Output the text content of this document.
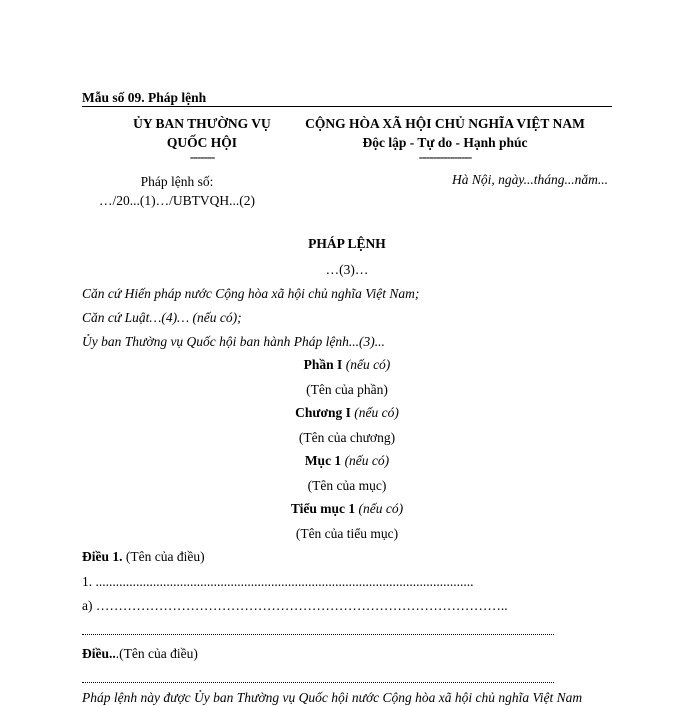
Mẫu số 09. Pháp lệnh
ỦY BAN THƯỜNG VỤ
QUỐC HỘI
-------
CỘNG HÒA XÃ HỘI CHỦ NGHĨA VIỆT NAM
Độc lập - Tự do - Hạnh phúc
---------------
Pháp lệnh số:
…/20...(1)…/UBTVQH...(2)
Hà Nội, ngày...tháng...năm...
PHÁP LỆNH
…(3)…
Căn cứ Hiến pháp nước Cộng hòa xã hội chủ nghĩa Việt Nam;
Căn cứ Luật…(4)… (nếu có);
Ủy ban Thường vụ Quốc hội ban hành Pháp lệnh...(3)...
Phần I (nếu có)
(Tên của phần)
Chương I (nếu có)
(Tên của chương)
Mục 1 (nếu có)
(Tên của mục)
Tiểu mục 1 (nếu có)
(Tên của tiểu mục)
Điều 1. (Tên của điều)
1. ................................................................................................................
a) ………………………………………………………………………………..
Điều...(Tên của điều)
Pháp lệnh này được Ủy ban Thường vụ Quốc hội nước Cộng hòa xã hội chủ nghĩa Việt Nam
